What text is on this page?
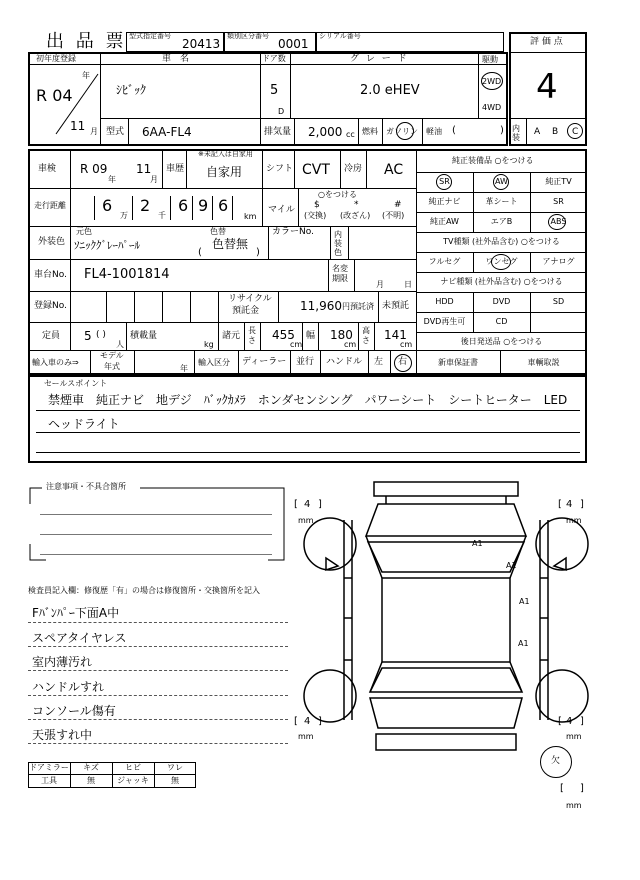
出 品 票 型式指定番号
20413
類別区分番号
0001
シリアル番号
評 価 点
4
内装
A B C
初年度登録
年
R 04
11 月
車　名
ｼﾋﾞｯｸ
ドア数
5
D
グ レ ー ド
2.0 eHEV
駆動
2WD
4WD
型式 6AA-FL4	排気量 2,000 cc 燃料 ガソリン 軽油 (	)
車検 R 09
年
11
月
車歴
※未記入は自家用
自家用	シフト CVT 冷房 AC
走行距離 6
万
2
千
6 9 6
km
マイル
○をつける
$
(交換)
*
(改ざん)
#
(不明)
外装色
元色
ｿﾆｯｸｸﾞﾚｰﾊﾟｰﾙ
色替
色替無
(	)
カラーNo.	内装色
車台No. FL4-1001814	名変期限
月	日
登録No.
リサイクル
預託金	11,960 円預託済 未預託
定員 5 ( )
人
積載量
kg
諸元
長さ 455
cm
幅 180
cm
高さ 141
cm
輸入車のみ⇒
モデル
年式	年
輸入区分 ディーラー 並行 ハンドル 左 右
純正装備品 ○をつける
SR	AW	純正TV
純正ナビ	革シート	SR
純正AW	エアB	ABS
TV種類 (社外品含む) ○をつける
フルセグ	ワンセグ	アナログ
ナビ種類 (社外品含む) ○をつける
HDD	DVD	SD
DVD再生可	CD
後日発送品 ○をつける
新車保証書	車輌取説
セールスポイント
禁煙車　純正ナビ　地デジ　ﾊﾞｯｸｶﾒﾗ　ホンダセンシング　パワーシート　シートヒーター　LED
ヘッドライト
注意事項・不具合箇所
検査員記入欄：修復歴「有」の場合は修復箇所・交換箇所を記入
Fﾊﾞﾝﾊﾟｰ下面A中
スペアタイヤレス
室内薄汚れ
ハンドルすれ
コンソール傷有
天張すれ中
ドアミラー	キズ	ヒビ	ワレ
工具	無	ジャッキ	無
A1
A1
A1
A1
[ 4 ]
mm
[ 4 ]
mm
[ 4 ]
mm
[ 4 ]
mm
欠
[ ]
mm
